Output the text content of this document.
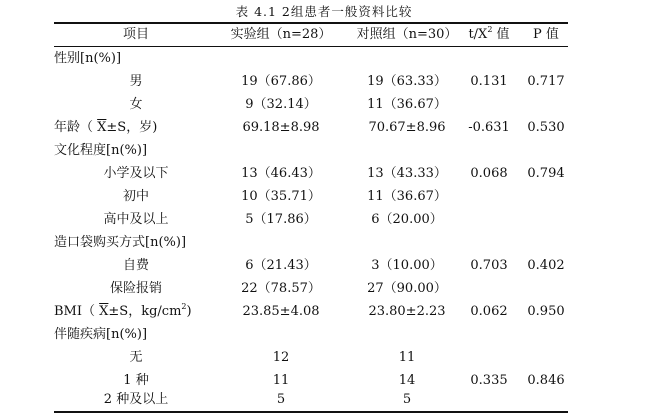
表 4.1 2组患者一般资料比较
项目	实验组（n=28）	对照组（n=30） $t/X^2$ 值	P 值
性别[n(%)]
男	19（67.86）	19（63.33）	0.131	0.717
女	9（32.14）	11（36.67）
年龄（ $\overline{X}\pm S$，岁)	69.18±8.98	70.67±8.96	-0.631	0.530
文化程度[n(%)]
小学及以下	13（46.43）	13（43.33）	0.068	0.794
初中	10（35.71）	11（36.67）
高中及以上	5（17.86）	6（20.00）
造口袋购买方式[n(%)]
自费	6（21.43）	3（10.00）	0.703	0.402
保险报销	22（78.57）	27（90.00）
BMI（ $\overline{X}\pm S$，$kg/cm^2$)	23.85±4.08	23.80±2.23	0.062	0.950
伴随疾病[n(%)]
无	12	11
1 种	11	14	0.335	0.846
2 种及以上	5	5
